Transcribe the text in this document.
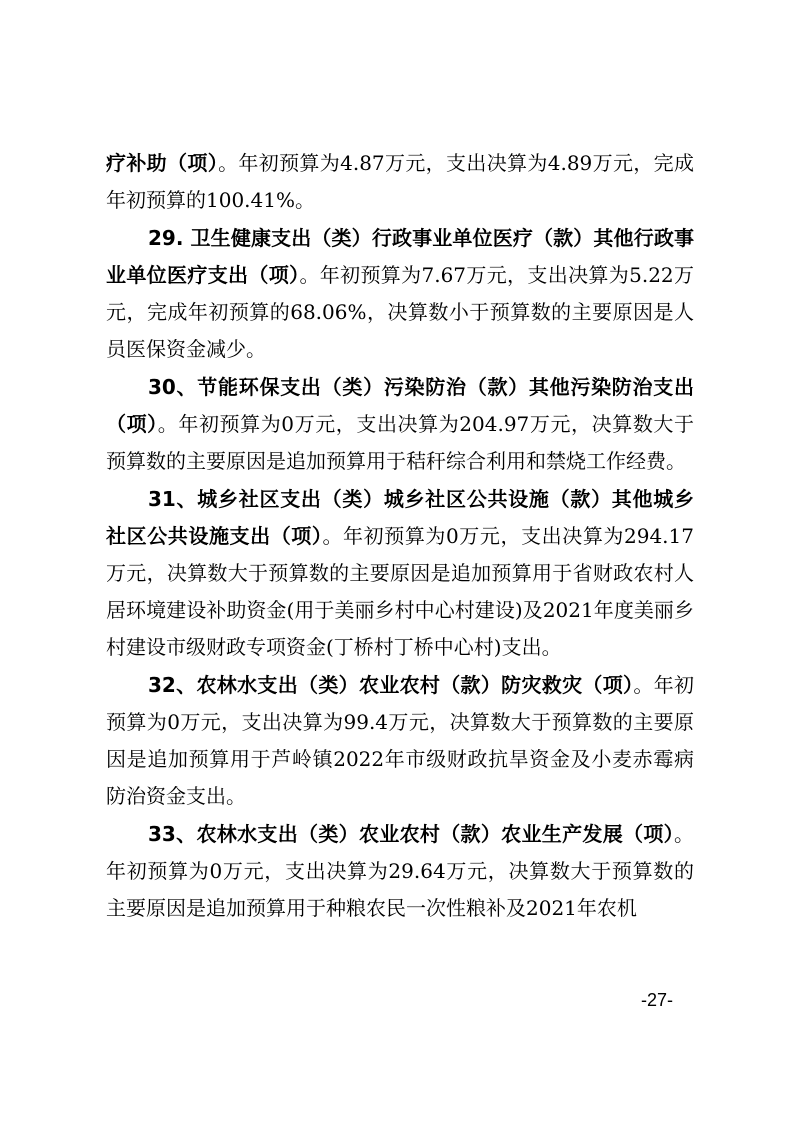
疗补助（项）。年初预算为4.87万元，支出决算为4.89万元，完成年初预算的100.41%。

29. 卫生健康支出（类）行政事业单位医疗（款）其他行政事业单位医疗支出（项）。年初预算为7.67万元，支出决算为5.22万元，完成年初预算的68.06%，决算数小于预算数的主要原因是人员医保资金减少。

30、节能环保支出（类）污染防治（款）其他污染防治支出（项）。年初预算为0万元，支出决算为204.97万元，决算数大于预算数的主要原因是追加预算用于秸秆综合利用和禁烧工作经费。

31、城乡社区支出（类）城乡社区公共设施（款）其他城乡社区公共设施支出（项）。年初预算为0万元，支出决算为294.17万元，决算数大于预算数的主要原因是追加预算用于省财政农村人居环境建设补助资金(用于美丽乡村中心村建设)及2021年度美丽乡村建设市级财政专项资金(丁桥村丁桥中心村)支出。

32、农林水支出（类）农业农村（款）防灾救灾（项）。年初预算为0万元，支出决算为99.4万元，决算数大于预算数的主要原因是追加预算用于芦岭镇2022年市级财政抗旱资金及小麦赤霉病防治资金支出。

33、农林水支出（类）农业农村（款）农业生产发展（项）。年初预算为0万元，支出决算为29.64万元，决算数大于预算数的主要原因是追加预算用于种粮农民一次性粮补及2021年农机

-27-
